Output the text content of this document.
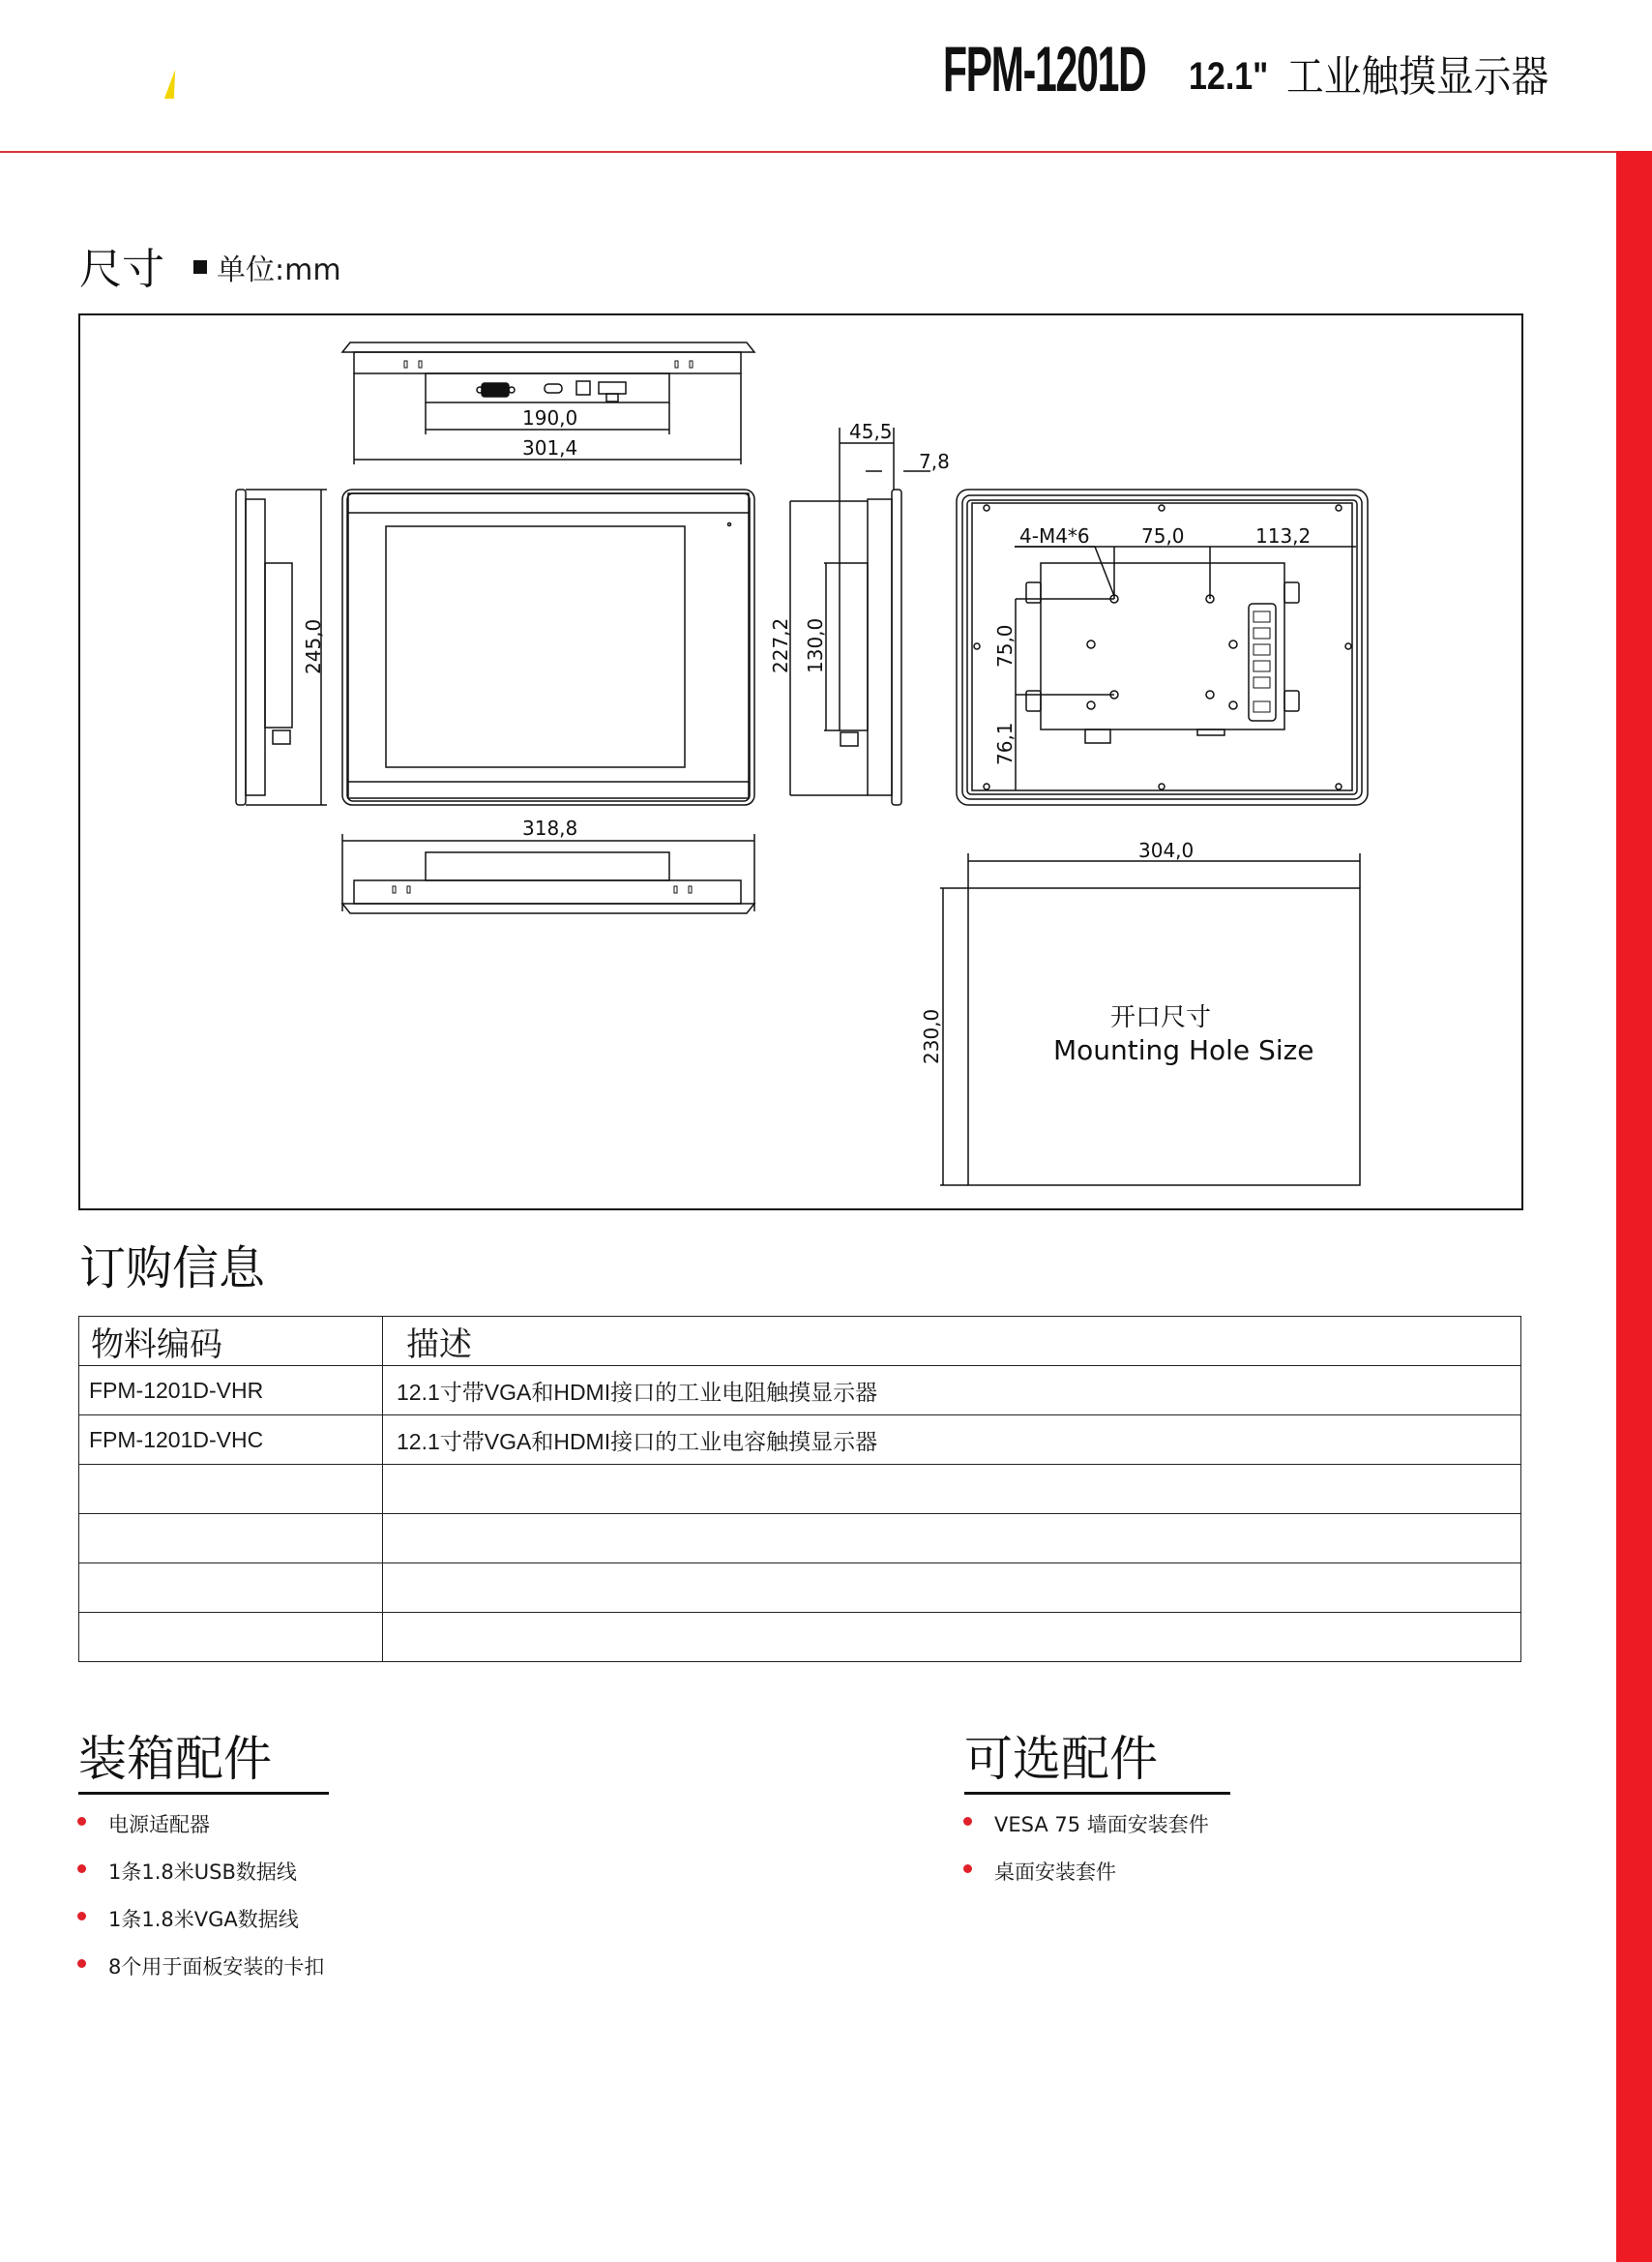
FPM-1201D 12.1" 工业触摸显示器
尺寸 单位:mm
190,0
301,4
245,0
318,8
45,5
7,8
227,2 130,0
4-M4*6	75,0	113,2
75,0
76,1
304,0
230,0	开口尺寸
Mounting Hole Size
订购信息
物料编码	描述
FPM-1201D-VHR	12.1寸带VGA和HDMI接口的工业电阻触摸显示器
FPM-1201D-VHC	12.1寸带VGA和HDMI接口的工业电容触摸显示器

装箱配件
电源适配器
1条1.8米USB数据线
1条1.8米VGA数据线
8个用于面板安装的卡扣
可选配件
VESA 75 墙面安装套件
桌面安装套件
